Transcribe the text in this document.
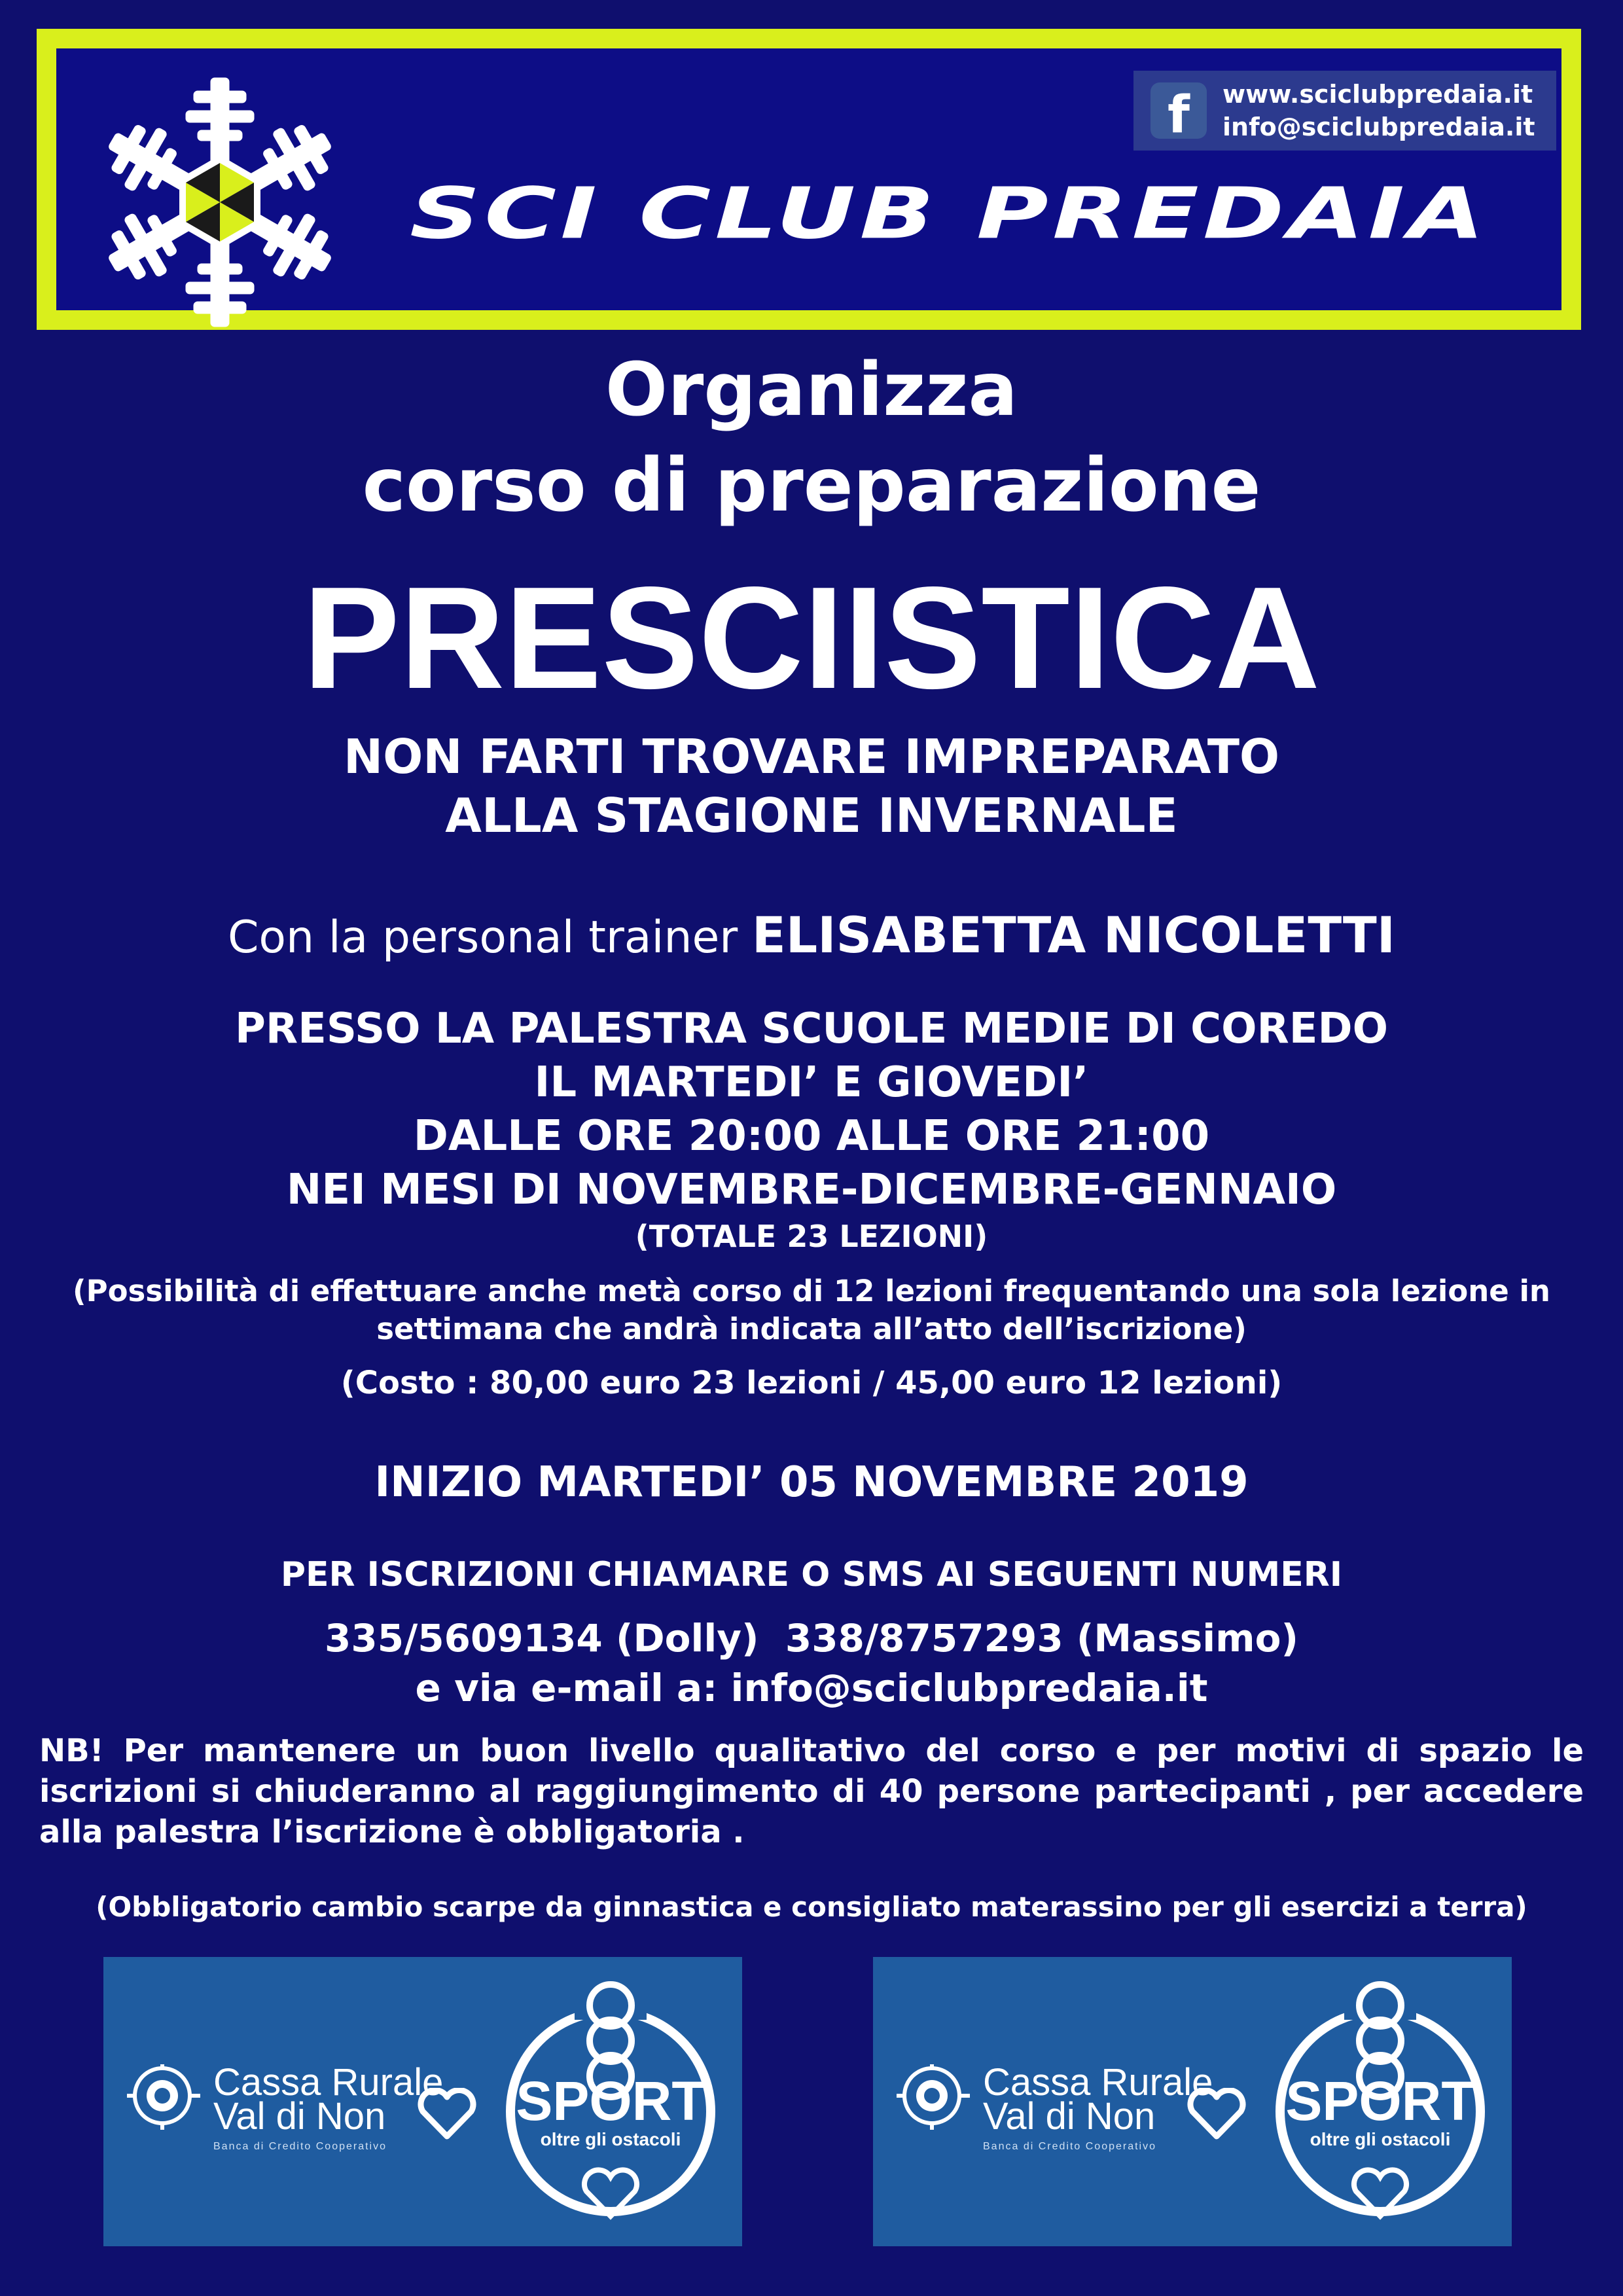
f	www.sciclubpredaia.it
info@sciclubpredaia.it
SCI CLUB PREDAIA
Organizza
corso di preparazione
PRESCIISTICA
NON FARTI TROVARE IMPREPARATO
ALLA STAGIONE INVERNALE
Con la personal trainer ELISABETTA NICOLETTI
PRESSO LA PALESTRA SCUOLE MEDIE DI COREDO
IL MARTEDI’ E GIOVEDI’
DALLE ORE 20:00 ALLE ORE 21:00
NEI MESI DI NOVEMBRE-DICEMBRE-GENNAIO
(TOTALE 23 LEZIONI)
(Possibilità di effettuare anche metà corso di 12 lezioni frequentando una sola lezione in
settimana che andrà indicata all’atto dell’iscrizione)
(Costo : 80,00 euro 23 lezioni / 45,00 euro 12 lezioni)
INIZIO MARTEDI’ 05 NOVEMBRE 2019
PER ISCRIZIONI CHIAMARE O SMS AI SEGUENTI NUMERI
335/5609134 (Dolly)  338/8757293 (Massimo)
e via e-mail a: info@sciclubpredaia.it
NB! Per mantenere un buon livello qualitativo del corso e per motivi di spazio le iscrizioni si chiuderanno al raggiungimento di 40 persone partecipanti , per accedere alla palestra l’iscrizione è obbligatoria .
(Obbligatorio cambio scarpe da ginnastica e consigliato materassino per gli esercizi a terra)
Cassa Rurale
Val di Non
Banca di Credito Cooperativo
SPORT
oltre gli ostacoli
Cassa Rurale
Val di Non
Banca di Credito Cooperativo
SPORT
oltre gli ostacoli
